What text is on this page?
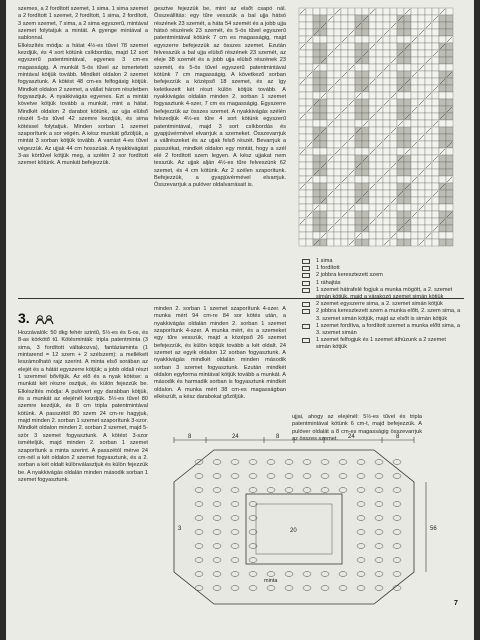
szemes, a 2 fordított szemet, 1 sima. 1 sima szemet a 2 fordított 1 szemet, 2 fordított, 1 sima, 2 fordított, 3 szem szemet, 7 sima, a 2 sima egyszerű, mintával szemet folytatjuk a mintát. A gyenge mintával a sablonnal.

Elkészítés módja: a hátat 4½-es tűvel 78 szemet kezdjük, és 4 sort kötünk csíkbordás, majd 12 sort egyszerű patentmintával, egyenes 3 cm-es magasságig. A munkát 5-ös tűvel az ismertetett mintával kötjük tovább. Mindkét oldalon 2 szemet fogyasztunk. A kötést 48 cm-es felfogásig kötjük. Mindkét oldalon 2 szemet, a vállat három részletben fogyasztjuk. A nyakkivágás egyenes. Ezt a mintát követve kötjük tovább a munkát, mint a hátat. Mindkét oldalon 2 darabot kötünk, az ujja elülső részét 5-ös tűvel 42 szemre kezdjük, és sima kötéssel folytatjuk. Minden sorban 1 szemet szaporítunk a sor végén. A kész munkát gőzöljük, a mintát 3 sorban kötjük tovább. A varrást 4-es tűvel végezzük. Az ujjak 44 cm hosszúak. A nyakkivágást 3-as körtűvel kötjük meg, a szélén 2 sor fordított szemet kötünk. A munkát befejezzük.

gesztve fejezzük be, mint az elsőt csapó nál. Összeállítás: egy tűre vesszük a bal ujja hátsó részének 23 szemét, a háta 54 szemét és a jobb ujja hátsó részének 23 szemét, és 5-ös tűvel egyszerű patentmintával kötünk 7 cm es magasságig, majd egyszerre befejezzük az összes szemet. Ezután felvesszük a bal ujja elülső részének 23 szemét, az eleje 38 szemét és a jobb ujja elülső részének 23 szemét, és 5-ös tűvel egyszerű patentmintával kötünk 7 cm magasságig. A következő sorban befejezzük a középső 18 szemet, és az így keletkezett két részt külön kötjük tovább. A nyakkivágás oldalán minden 2. sorban 1 szemet fogyasztunk 4-szer, 7 cm es magasságig. Egyszerre befejezzük az összes szemet. A nyakkivágás szélén felszedjük 4½-es tűre 4 sort kötünk egyszerű patentmintával, majd 3 sort csíkbordás és gyapjúvérmével elvarrjuk a szemeket. Összevarrjuk a vállrészeket és az ujjak felső részét. Bevarrjuk a passzékat, mindkét oldalon egy mintát, hogy a szél elé 2 fordított szem legyen. A kész ujjakat nem tesszük. Az ujjak alján 4½-es tűre felveszünk 62 szemet, és 4 cm kötünk. Az 2 szélen szaporítunk. Befejezzük, a gyapjúvérmével elvarrjuk. Összevarrjuk a pulóver oldalvarrásait is.

1 sima
1 fordított
2 jobbra keresztezett szem
1 ráhajtás
1 szemet hátrafelé fogjuk a munka mögött, a 2. szemet
2 szemet egyszerre sima, a 2. szemet simán kötjük
2 jobbra keresztezett szem a munka előtt, 2. szem sima, a 3. szemet simán kötjük, majd az elsőt is simán kötjük
1 szemet fordítva, a fordított szemet a munka előtt sima, a 3. szemet simán
1 szemet felfogjuk és 1 szemet áthúzunk a 2 szemet simán kötjük
3.

Hozzávalók: 50 dkg fehér szintű, 5½-es és 6-os, és 8-as körkötő tű. Kötésminták: tripla patentminta (3 sima, 3 fordított váltakozva), fantáziaminta (1 mintarend = 12 szem + 2 szélszem): a mellékelt leszámolható rajz szerint. A minta első sorában az elejét és a hátát egyszerre kötjük; a jobb oldali részt 1 szemmel bővítjük. Az elő és a nyak kötése: a munkát két részre osztjuk, és külön fejezzük be. Elkészítés módja: A pulóvert egy darabban kötjük, és a munkát az elejénél kezdjük. 5½-es tűvel 80 szemre kezdjük, és 8 cm tripla patentmintával kötünk. A passzétól 80 szem 24 cm-re hagyjuk, majd minden 2. sorban 1 szemet szaporítunk 3-szor. Mindkét oldalon minden 2. sorban 2 szemet, majd 5-ször 3 szemet fogyasztunk. A kötést 3-szor ismételjük, majd minden 2. sorban 1 szemet szaporítunk a minta szerint. A passzétól mérve 24 cm-nél a két oldalon 2 szemet fogyasztunk, és a 2. sorban a két oldalt különválasztjuk és külön fejezzük be. A nyakkivágás oldalán minden második sorban 1 szemet fogyasztunk.

minden 2. sorban 1 szemet szaporítunk 4-szer. A munka mért 94 cm-re 84 sor kötés után, a nyakkivágás oldalán minden 2. sorban 1 szemet szaporítunk 4-szer. A munka mért, és a szemeket egy tűre vesszük, majd a középső 26 szemet befejezzük, és külön kötjük tovább a két oldalt. 24 szemet az egyik oldalon 12 sorban fogyasztunk. A nyakkivágás mindkét oldalán minden második sorban 3 szemet fogyasztunk. Ezután mindkét oldalon egyforma mintával kötjük tovább a munkát. A második és harmadik sorban is fogyasztunk mindkét oldalon. A munka mért 38 cm-es magasságban elkészült, a kész darabokat gőzöljük.

ujjai, ahogy az elejénél: 5½-es tűvel és tripla patentmintával kötünk 6 cm-t, majd befejezzük. A pulóver oldalát a 8 cm-es magasságig összevarrjuk az összes szemet.

8	24	8	24	8
56
20
3
minta
7
